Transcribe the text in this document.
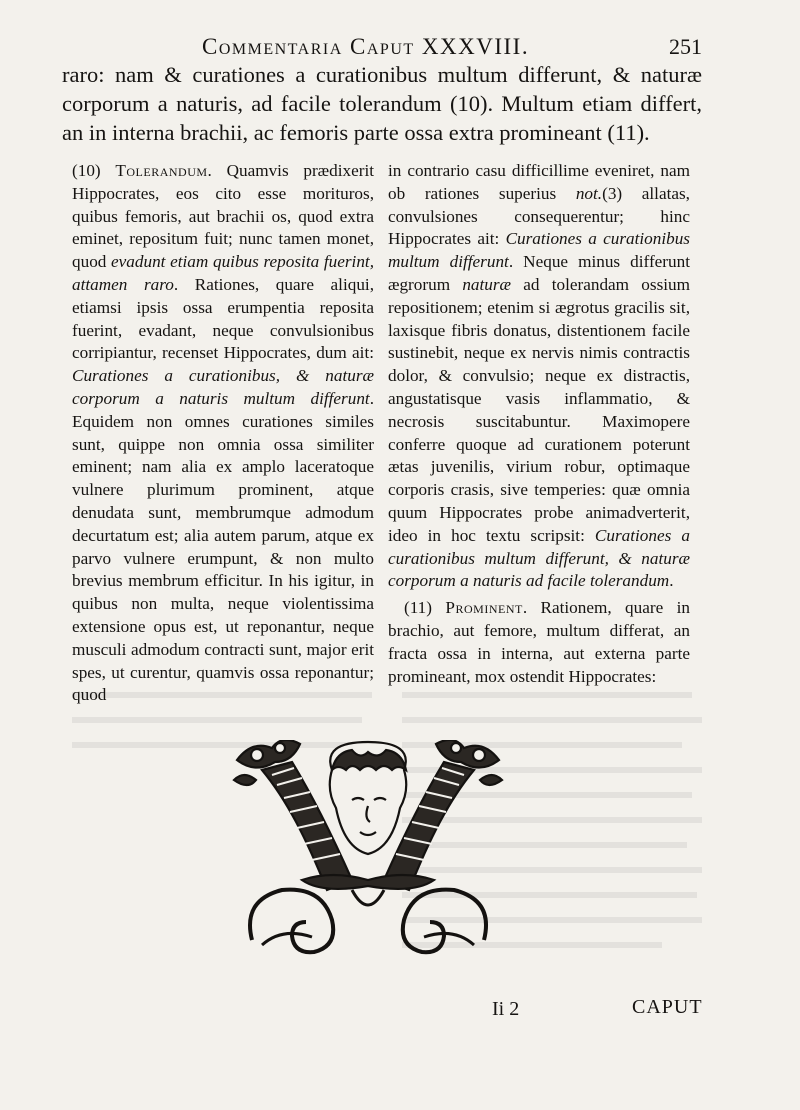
Commentaria Caput XXXVIII.	251

raro: nam & curationes a curationibus multum differunt, & naturæ corporum a naturis, ad facile tolerandum (10). Multum etiam differt, an in interna brachii, ac femoris parte ossa extra promineant (11).

(10) Tolerandum. Quamvis prædixerit Hippocrates, eos cito esse morituros, quibus femoris, aut brachii os, quod extra eminet, repositum fuit; nunc tamen monet, quod evadunt etiam quibus reposita fuerint, attamen raro. Rationes, quare aliqui, etiamsi ipsis ossa erumpentia reposita fuerint, evadant, neque convulsionibus corripiantur, recenset Hippocrates, dum ait: Curationes a curationibus, & naturæ corporum a naturis multum differunt. Equidem non omnes curationes similes sunt, quippe non omnia ossa similiter eminent; nam alia ex amplo laceratoque vulnere plurimum prominent, atque denudata sunt, membrumque admodum decurtatum est; alia autem parum, atque ex parvo vulnere erumpunt, & non multo brevius membrum efficitur. In his igitur, in quibus non multa, neque violentissima extensione opus est, ut reponantur, neque musculi admodum contracti sunt, major erit spes, ut curentur, quamvis ossa reponantur; quod

in contrario casu difficillime eveniret, nam ob rationes superius not.(3) allatas, convulsiones consequerentur; hinc Hippocrates ait: Curationes a curationibus multum differunt. Neque minus differunt ægrorum naturæ ad tolerandam ossium repositionem; etenim si ægrotus gracilis sit, laxisque fibris donatus, distentionem facile sustinebit, neque ex nervis nimis contractis dolor, & convulsio; neque ex distractis, angustatisque vasis inflammatio, & necrosis suscitabuntur. Maximopere conferre quoque ad curationem poterunt ætas juvenilis, virium robur, optimaque corporis crasis, sive temperies: quæ omnia quum Hippocrates probe animadverterit, ideo in hoc textu scripsit: Curationes a curationibus multum differunt, & naturæ corporum a naturis ad facile tolerandum.

(11) Prominent. Rationem, quare in brachio, aut femore, multum differat, an fracta ossa in interna, aut externa parte promineant, mox ostendit Hippocrates:

Ii 2	CAPUT
